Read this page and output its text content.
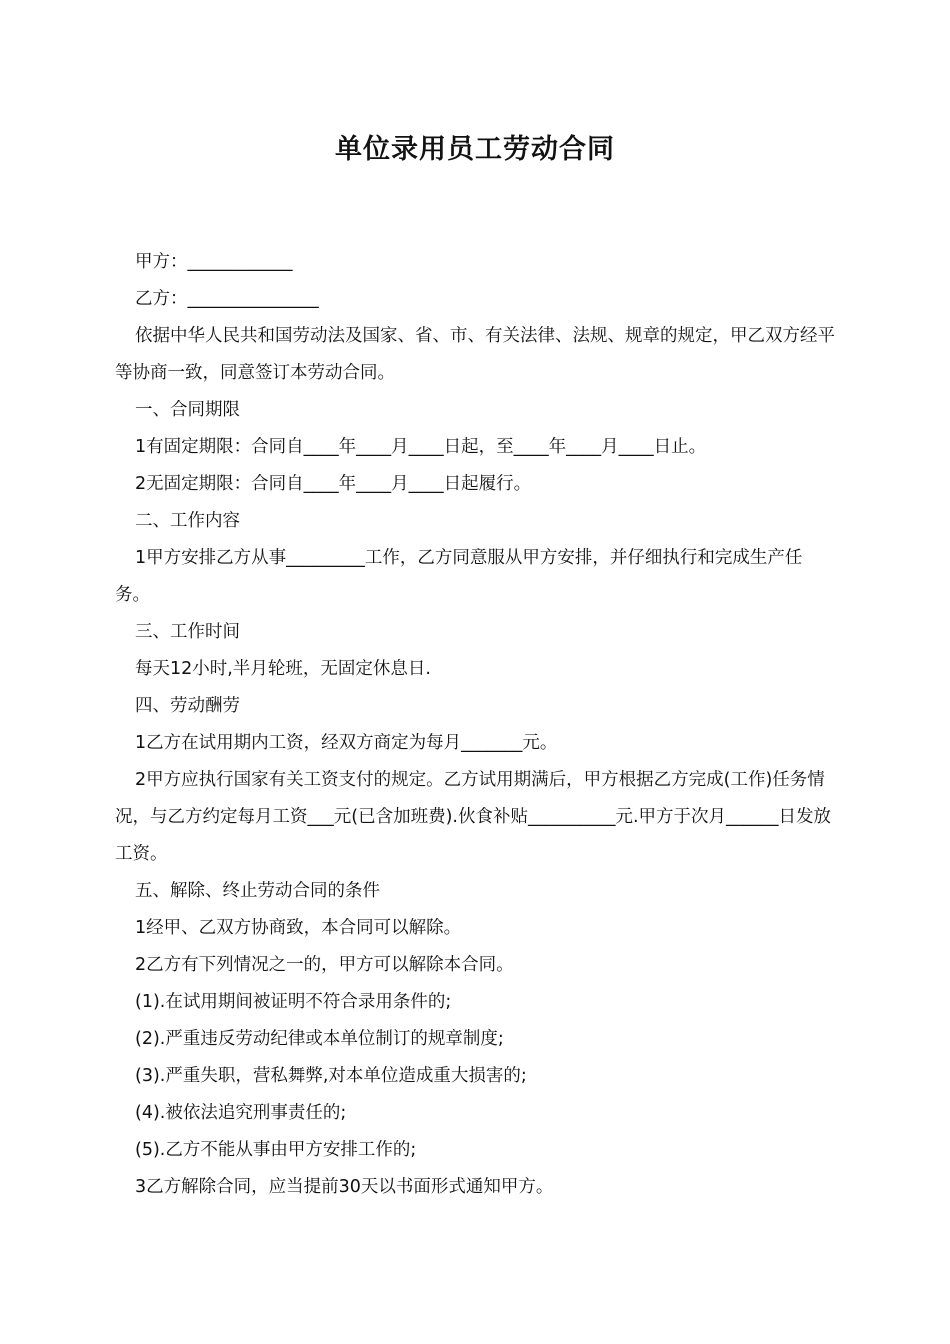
单位录用员工劳动合同

甲方：____________

乙方：_______________

依据中华人民共和国劳动法及国家、省、市、有关法律、法规、规章的规定，甲乙双方经平等协商一致，同意签订本劳动合同。

一、合同期限

1有固定期限：合同自____年____月____日起，至____年____月____日止。

2无固定期限：合同自____年____月____日起履行。

二、工作内容

1甲方安排乙方从事_________工作，乙方同意服从甲方安排，并仔细执行和完成生产任务。

三、工作时间

每天12小时,半月轮班，无固定休息日.

四、劳动酬劳

1乙方在试用期内工资，经双方商定为每月_______元。

2甲方应执行国家有关工资支付的规定。乙方试用期满后，甲方根据乙方完成(工作)任务情况，与乙方约定每月工资___元(已含加班费).伙食补贴__________元.甲方于次月______日发放工资。

五、解除、终止劳动合同的条件

1经甲、乙双方协商致，本合同可以解除。

2乙方有下列情况之一的，甲方可以解除本合同。

(1).在试用期间被证明不符合录用条件的;

(2).严重违反劳动纪律或本单位制订的规章制度;

(3).严重失职，营私舞弊,对本单位造成重大损害的;

(4).被依法追究刑事责任的;

(5).乙方不能从事由甲方安排工作的;

3乙方解除合同，应当提前30天以书面形式通知甲方。
